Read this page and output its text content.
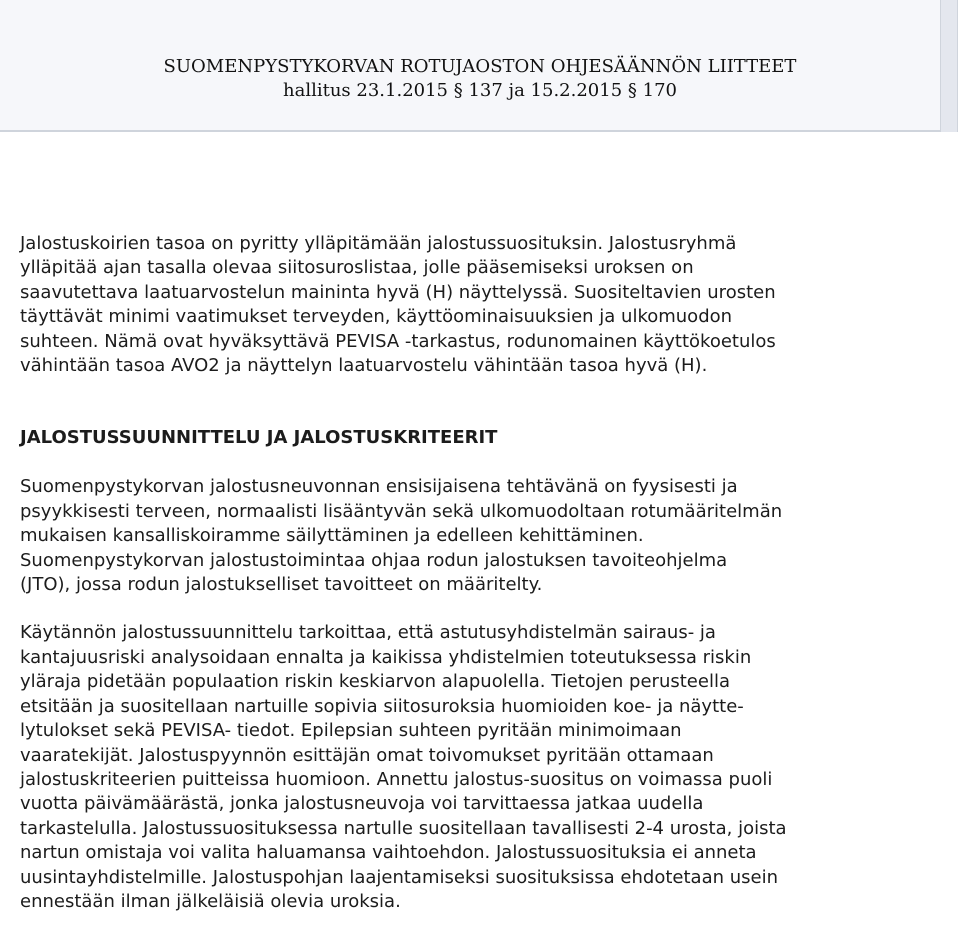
SUOMENPYSTYKORVAN ROTUJAOSTON OHJESÄÄNNÖN LIITTEET
hallitus 23.1.2015 § 137 ja 15.2.2015 § 170

Jalostuskoirien tasoa on pyritty ylläpitämään jalostussuosituksin. Jalostusryhmä
ylläpitää ajan tasalla olevaa siitosuroslistaa, jolle pääsemiseksi uroksen on
saavutettava laatuarvostelun maininta hyvä (H) näyttelyssä. Suositeltavien urosten
täyttävät minimi vaatimukset terveyden, käyttöominaisuuksien ja ulkomuodon
suhteen. Nämä ovat hyväksyttävä PEVISA -tarkastus, rodunomainen käyttökoetulos
vähintään tasoa AVO2 ja näyttelyn laatuarvostelu vähintään tasoa hyvä (H).

JALOSTUSSUUNNITTELU JA JALOSTUSKRITEERIT

Suomenpystykorvan jalostusneuvonnan ensisijaisena tehtävänä on fyysisesti ja
psyykkisesti terveen, normaalisti lisääntyvän sekä ulkomuodoltaan rotumääritelmän
mukaisen kansalliskoiramme säilyttäminen ja edelleen kehittäminen.
Suomenpystykorvan jalostustoimintaa ohjaa rodun jalostuksen tavoiteohjelma
(JTO), jossa rodun jalostukselliset tavoitteet on määritelty.

Käytännön jalostussuunnittelu tarkoittaa, että astutusyhdistelmän sairaus- ja
kantajuusriski analysoidaan ennalta ja kaikissa yhdistelmien toteutuksessa riskin
yläraja pidetään populaation riskin keskiarvon alapuolella. Tietojen perusteella
etsitään ja suositellaan nartuille sopivia siitosuroksia huomioiden koe- ja näytte-
lytulokset sekä PEVISA- tiedot. Epilepsian suhteen pyritään minimoimaan
vaaratekijät. Jalostuspyynnön esittäjän omat toivomukset pyritään ottamaan
jalostuskriteerien puitteissa huomioon. Annettu jalostus-suositus on voimassa puoli
vuotta päivämäärästä, jonka jalostusneuvoja voi tarvittaessa jatkaa uudella
tarkastelulla. Jalostussuosituksessa nartulle suositellaan tavallisesti 2-4 urosta, joista
nartun omistaja voi valita haluamansa vaihtoehdon. Jalostussuosituksia ei anneta
uusintayhdistelmille. Jalostuspohjan laajentamiseksi suosituksissa ehdotetaan usein
ennestään ilman jälkeläisiä olevia uroksia.
